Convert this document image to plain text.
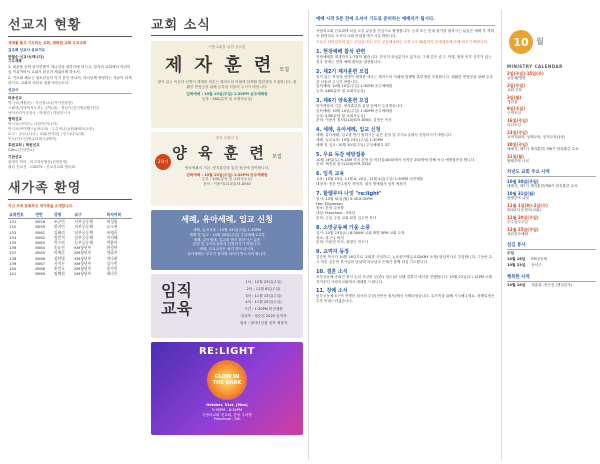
선교지 현황
세계를 품고 기도하는 교회, 평화한 교회 우리교회
김주희 선교사 운보거도
한월순 선교사(캐나다)
기도제목
1. 최윤용 동연 한자간졸이 하나님을 엄하기에 하시고, 한지의 교회에서 자녀이 살 이유이어서 교회가 된존히 세위어께 하소서.
2. 기도와 새로는 청소년들이 이기 본인 아니어, 하나님께 헌양하는 자들이 되게 하시고, 교회의 리더로 성장시켜주소서.
선교사
파송선교
벅시코(세틀문) : 이선령나나(이이선원양)
스페인(이명미자도자), 존닥(강) : 정남기(김인영)/옆(다인)
남아프리카공화국 : 박정민 / 태선미시크
협력선교
벅시코(사이트): 다린이(이나아)
벅시코(아이엔스)(파나마) : 두수아나나/원헤에르(요만)
토고 : 존오나나나 / 교회(연석된) / 인도(다요(대)
인도(인도인/방글라데시)(백이)
후원교회 | 학원선교
GWL(나인/안로)
기관선교
광영이 반어 : 미국복음협동(선양음벌)
필리 선교전 : CGNTV : 선교지교회 협의회
새가족 환영
지난 주에 등록하신 새가족을 소개합니다.
교적번호	연번	성명	교구	목자여목
131	8558	조규빈	서부공동체	허성원
132	8559	한지민	서부공동체	유소현
133	8561	김태리	남부공동체	조영은
134	8562	정민석	남부공동체	이지혜
135	8563	박수현	동부공동체	박윤아
136	8564	송유진	KM청년부	한경아
137	8565	이예준	KM청년부	정하은
138	8566	장한별	KM청년부	이다윤
139	8567	서지우	KM청년부	김수빈
140	8568	홍민호	KM청년부	송가인
141	8569	임채원	KM청년부	최다은
교회 소식
이번교회를 위한 선교팀
제 자 훈 련 모집
많이 있는 목성과 선명이 제재를 세우는 제자도의 이래에 함께할 훈련생을 모집합니다. 원활한 번영공을 위해 등록을 서둘러 주시기 바랍니다.
입학예배 : 10월 10일(주일) 1:30PM 운주예배원
등록 : $60(분당 및 교재사무실)
2학기
영적 성장의 길
양 육 훈 련 모집
양육생활의 기본, 양육훈련을 통한 원장에 참여합니다.
입학예배 : 10월 10일(주일) 1:30PM 운주예배원
등록 : $30(분당 및 교회사무실)
문의 : 이용자(213)573-8560
세례, 유아세례, 입교 신청
세례, 입교교육 : 10월 23일(주일) 1:30PM
세례 및 입교 : 10월 30일(주일) 주일예배 2-3부
세례, 유아세례, 입교를 받기 원하시는 분은
본당 및 우사무실에서 신청하시기 바랍니다.
세례, 입교교육은 필히 받아 되시며,
유아세례는 부모가 참석할 의미가 받으셔야 합니다.
임직
교육
1차 : 10월 23일(주일)
2차 : 11월 6일(주일)
3차 : 11월 13일(주일)
4차 : 11월 20일(주일)
시간 : 1:30PM 비전채플
대상자 : 정순된 2020 임직자
권사 : 권사다산집 임직 예정자
RE:LIGHT
GLOW IN THE DARK
October. 31st. (Mon)
5:30PM - 8:30PM
사랑의교회 전교회, 본당 주차장
Preschool - 5th
예배 시작 5분 전에 오셔서 기도로 준비하는 예배자가 됩시다.
사랑의교회 선교회에 처음 오신 분들을 진심으로 환영합니다. 등록 또는 안내 원기를 원하시는 분들은 예배 후 게개독 환영실로 오셔서 교회 안내를 받으시길 바랍니다.
오늘은 의미있의의 있는 주일입니다. 모든 공동체 4과는 오후 1시 30분까지 운예대로에 단배 하시기 바랍니다.
1. 현장예배 참석 관련
현장예배를 재개하지 1가월이 됐습니다. 본인이 외싱분이오 있거나, 그제 같은 증그, 여행, 출장 이후 증후가 있는 경우 현재는 현장 예배 출석을 권장합니다.
2. 제2기 제자훈련 모집
일이 있는 목성과 선명이 제재를 세우는 제자도의 이래에 함께할 훈련생을 모집합니다. 원활한 번영공을 위해 등록을 서둘러 주시기 바랍니다.
입학예배: 10월 10일(주일) 1:30PM 운주예배원
등록: $60(분당 및 교회사무실)
3. 제6기 양육훈련 모집
양자생장의 기본, 양육훈련을 분당 앞에서 등록받습니다.
입학예배: 10월 10일(주일) 1:30PM 운주예배원
등록: $30(분당 및 교회사무실)
문의: 이용자 집사(213)675-8560, 김영은 목사
4. 세례, 유아세례, 입교 신청
세례, 유아세례, 입교를 받기 원하시는 분은 본당 및 우사무실에서 신청하시기 바랍니다.
세례, 입교교육: 10월 23일(주일) 1:30PM
세례 및 입교: 10월 30일(주일) 주일예배 2-3부
5. 무료 독감 예방접종
10월 16일(토) 9-1AM 하지 본당 앞 어린실(AIOS에서 선착순 250명에 한해 독감 예방접종을 합니다.
문의: 제진희 집사(323)979-3330
6. 임직 교육
교육: 10월 23일, 11월 6, 20일, 12월 4일(주일) 1:30PM 비전채플
대상자: 정운 안수집사 저역자, 권사 명예권사 임직 예정자
7. 할렐루야 나잇 "re:light"
일시: 10월 31일(월) 5:30-8:30PM
Fee: $5/person
장소: 본당 주차장
대상: Preschool - 5학년
문의: 주일 주임 교회 회장 김주현 목사
8. 소망공동체 가을 소풍
일시: 10월 23일(토) 8:30AM 교회 출발 5PM 교회 도착
장소: 과구나 바지
문의: 이윤빈 목사, 최영은 전도사
9. 교역자 동정
김순빈 목사가 10월 16일부로 교회를 사임하고, 뉴욕퀸즈앵글교회(KNY 소재) 담임목사로 부임합니다. 그동안 수고 하신 김순빈 목사님의 앞날에 하나님의 은혜가 함께 하실 기도합니다.
10. 결혼 소식
서부공동체 송희진 집사 손녀 조규빈 군(중1 성도)과 실배 결혼식 예식을 진행합니다. 10월 22일(토) 12PM 오렌지카운티 사랑의교회에서 예배를 드립니다.
11. 장례 소식
동부공동체 4구역 전병문 집사의 부친(천만선 집사)께서 사택되셨습니다. 유가족을 위해 기도해주세요. 장례일정은 추후 안내드리겠습니다.
10 월
MINISTRY CALENDAR
2일(주일)-15일(주)
공동체/생명
2일(주일)
교회 투표
3일(월)
개천절
9일(주일)
구역모임
16일(주일)
리더모임
23일(주일)
교역자회의, 성례교육, 임직교육(1차)
30일(주일)
세례식, 제7기 제자훈련/ 제6기 양육훈련 수료
31일(월)
할렐루야 나잇
차년도 교회 주요 사역
10월 30일(주일)
세례식, 제7기 제자훈련/제6기 양육훈련 수료
10월 31일(월)
할렐루야 나잇
11월 1일(화)-2일(수)
2022 다운캠프(교회)
11월 20일(주일)
추수감사주일
12월 25일(주일)
성탄감사예배
섬김 봉사
주일
10월 16일 EM공동체
10월 23일 동서구
행복한 사역
10월 16일 정홍희, 현은선 (생일감사)
